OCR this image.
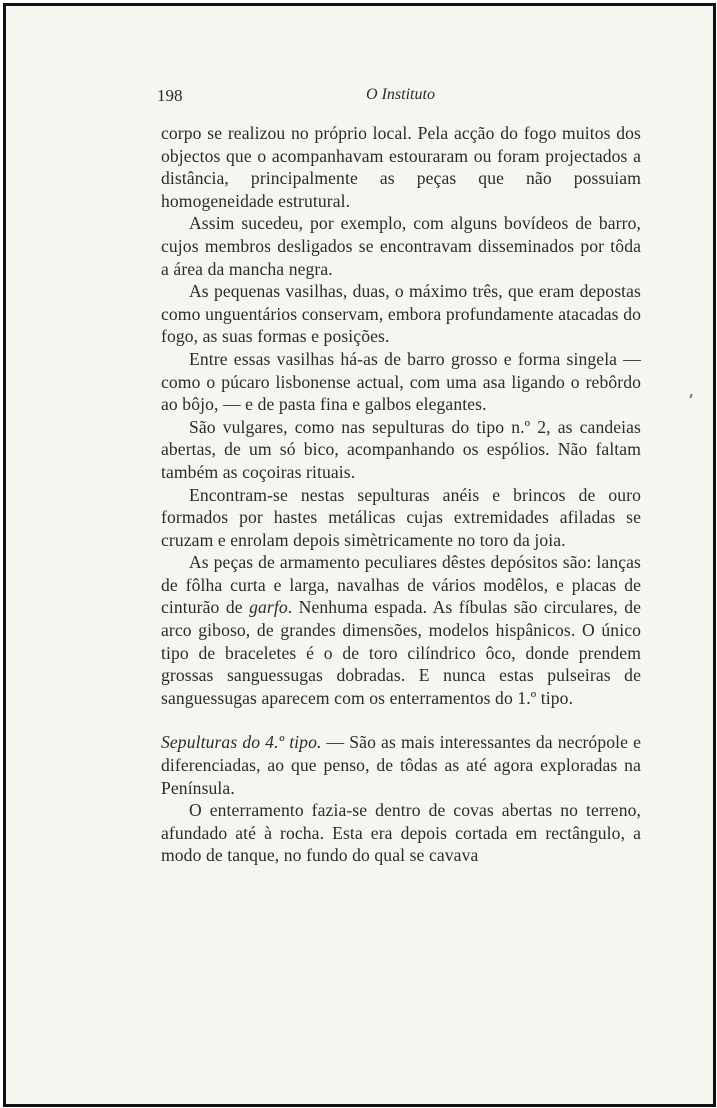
198	O Instituto

corpo se realizou no próprio local. Pela acção do fogo muitos dos objectos que o acompanhavam estouraram ou foram projectados a distância, principalmente as peças que não possuiam homogeneidade estrutural.

Assim sucedeu, por exemplo, com alguns bovídeos de barro, cujos membros desligados se encontravam disseminados por tôda a área da mancha negra.

As pequenas vasilhas, duas, o máximo três, que eram depostas como unguentários conservam, embora profundamente atacadas do fogo, as suas formas e posições.

Entre essas vasilhas há-as de barro grosso e forma singela — como o púcaro lisbonense actual, com uma asa ligando o rebôrdo ao bôjo, — e de pasta fina e galbos elegantes.

São vulgares, como nas sepulturas do tipo n.º 2, as candeias abertas, de um só bico, acompanhando os espólios. Não faltam também as coçoiras rituais.

Encontram-se nestas sepulturas anéis e brincos de ouro formados por hastes metálicas cujas extremidades afiladas se cruzam e enrolam depois simètricamente no toro da joia.

As peças de armamento peculiares dêstes depósitos são: lanças de fôlha curta e larga, navalhas de vários modêlos, e placas de cinturão de garfo. Nenhuma espada. As fíbulas são circulares, de arco giboso, de grandes dimensões, modelos hispânicos. O único tipo de braceletes é o de toro cilíndrico ôco, donde prendem grossas sanguessugas dobradas. E nunca estas pulseiras de sanguessugas aparecem com os enterramentos do 1.º tipo.

Sepulturas do 4.º tipo. — São as mais interessantes da necrópole e diferenciadas, ao que penso, de tôdas as até agora exploradas na Península.

O enterramento fazia-se dentro de covas abertas no terreno, afundado até à rocha. Esta era depois cortada em rectângulo, a modo de tanque, no fundo do qual se cavava
